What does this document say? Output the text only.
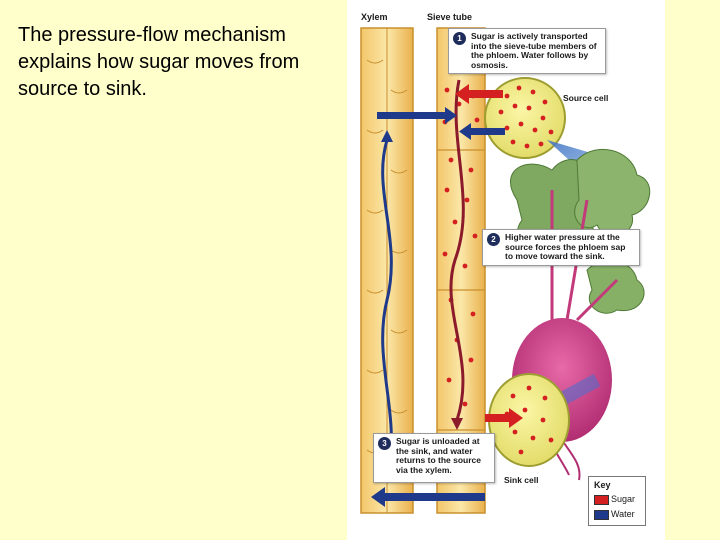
The pressure-flow mechanism explains how sugar moves from source to sink.
Xylem	Sieve tube
1	Sugar is actively transported into the sieve-tube members of the phloem. Water follows by osmosis.
Source cell
2	Higher water pressure at the source forces the phloem sap to move toward the sink.
3	Sugar is unloaded at the sink, and water returns to the source via the xylem.
Sink cell	Key
Sugar
Water
